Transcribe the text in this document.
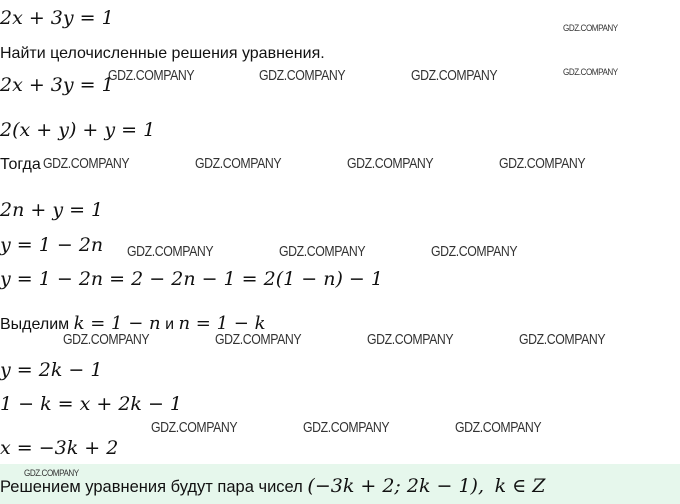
GDZ.COMPANY
GDZ.COMPANY
GDZ.COMPANY	GDZ.COMPANY	GDZ.COMPANY
GDZ.COMPANY	GDZ.COMPANY	GDZ.COMPANY	GDZ.COMPANY
GDZ.COMPANY	GDZ.COMPANY	GDZ.COMPANY
GDZ.COMPANY	GDZ.COMPANY	GDZ.COMPANY	GDZ.COMPANY
GDZ.COMPANY	GDZ.COMPANY	GDZ.COMPANY
2x + 3y = 1
Найти целочисленные решения уравнения.
2x + 3y = 1
2(x + y) + y = 1
Тогда
2n + y = 1
y = 1 − 2n
y = 1 − 2n = 2 − 2n − 1 = 2(1 − n) − 1
Выделим k = 1 − n и n = 1 − k
y = 2k − 1
1 − k = x + 2k − 1
x = −3k + 2
GDZ.COMPANY
Решением уравнения будут пара чисел (−3k + 2; 2k − 1), k ∈ Z
